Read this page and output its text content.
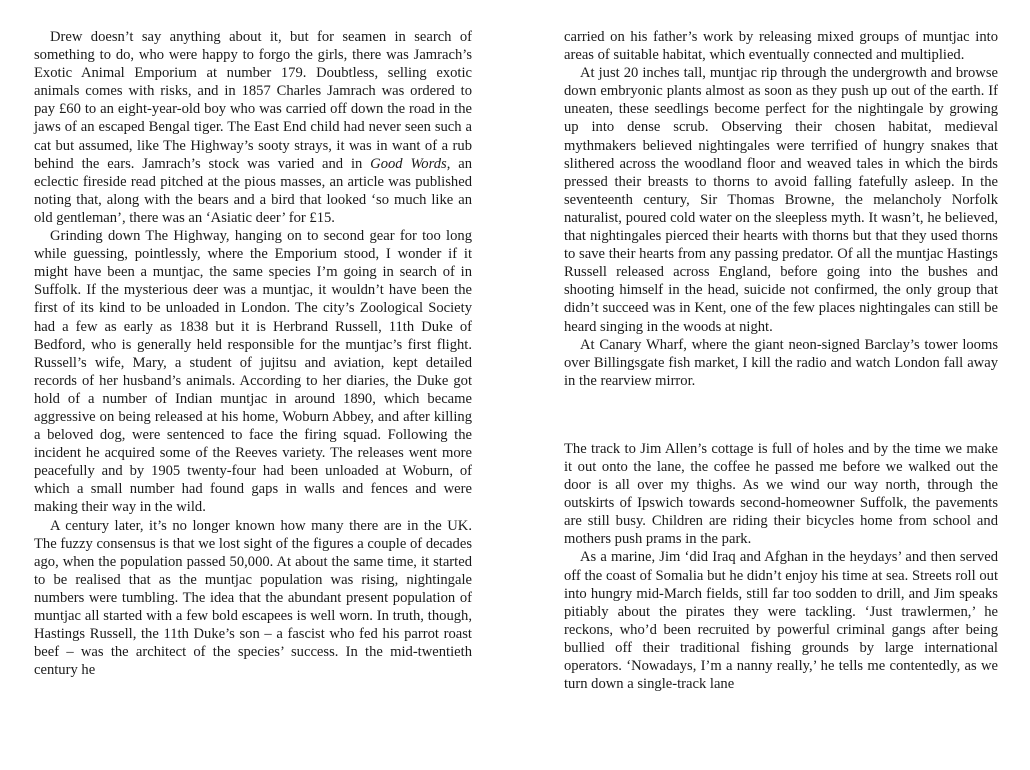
Drew doesn’t say anything about it, but for seamen in search of something to do, who were happy to forgo the girls, there was Jamrach’s Exotic Animal Emporium at number 179. Doubtless, selling exotic animals comes with risks, and in 1857 Charles Jamrach was ordered to pay £60 to an eight-year-old boy who was carried off down the road in the jaws of an escaped Bengal tiger. The East End child had never seen such a cat but assumed, like The Highway’s sooty strays, it was in want of a rub behind the ears. Jamrach’s stock was varied and in Good Words, an eclectic fireside read pitched at the pious masses, an article was published noting that, along with the bears and a bird that looked ‘so much like an old gentleman’, there was an ‘Asiatic deer’ for £15.

Grinding down The Highway, hanging on to second gear for too long while guessing, pointlessly, where the Emporium stood, I wonder if it might have been a muntjac, the same species I’m going in search of in Suffolk. If the mysterious deer was a muntjac, it wouldn’t have been the first of its kind to be unloaded in London. The city’s Zoological Society had a few as early as 1838 but it is Herbrand Russell, 11th Duke of Bedford, who is generally held responsible for the muntjac’s first flight. Russell’s wife, Mary, a student of jujitsu and aviation, kept detailed records of her husband’s animals. According to her diaries, the Duke got hold of a number of Indian muntjac in around 1890, which became aggressive on being released at his home, Woburn Abbey, and after killing a beloved dog, were sentenced to face the firing squad. Following the incident he acquired some of the Reeves variety. The releases went more peacefully and by 1905 twenty-four had been unloaded at Woburn, of which a small number had found gaps in walls and fences and were making their way in the wild.

A century later, it’s no longer known how many there are in the UK. The fuzzy consensus is that we lost sight of the figures a couple of decades ago, when the population passed 50,000. At about the same time, it started to be realised that as the muntjac population was rising, nightingale numbers were tumbling. The idea that the abundant present population of muntjac all started with a few bold escapees is well worn. In truth, though, Hastings Russell, the 11th Duke’s son – a fascist who fed his parrot roast beef – was the architect of the species’ success. In the mid-twentieth century he

carried on his father’s work by releasing mixed groups of muntjac into areas of suitable habitat, which eventually connected and multiplied.

At just 20 inches tall, muntjac rip through the undergrowth and browse down embryonic plants almost as soon as they push up out of the earth. If uneaten, these seedlings become perfect for the nightingale by growing up into dense scrub. Observing their chosen habitat, medieval mythmakers believed nightingales were terrified of hungry snakes that slithered across the woodland floor and weaved tales in which the birds pressed their breasts to thorns to avoid falling fatefully asleep. In the seventeenth century, Sir Thomas Browne, the melancholy Norfolk naturalist, poured cold water on the sleepless myth. It wasn’t, he believed, that nightingales pierced their hearts with thorns but that they used thorns to save their hearts from any passing predator. Of all the muntjac Hastings Russell released across England, before going into the bushes and shooting himself in the head, suicide not confirmed, the only group that didn’t succeed was in Kent, one of the few places nightingales can still be heard singing in the woods at night.

At Canary Wharf, where the giant neon-signed Barclay’s tower looms over Billingsgate fish market, I kill the radio and watch London fall away in the rearview mirror.

The track to Jim Allen’s cottage is full of holes and by the time we make it out onto the lane, the coffee he passed me before we walked out the door is all over my thighs. As we wind our way north, through the outskirts of Ipswich towards second-homeowner Suffolk, the pavements are still busy. Children are riding their bicycles home from school and mothers push prams in the park.

As a marine, Jim ‘did Iraq and Afghan in the heydays’ and then served off the coast of Somalia but he didn’t enjoy his time at sea. Streets roll out into hungry mid-March fields, still far too sodden to drill, and Jim speaks pitiably about the pirates they were tackling. ‘Just trawlermen,’ he reckons, who’d been recruited by powerful criminal gangs after being bullied off their traditional fishing grounds by large international operators. ‘Nowadays, I’m a nanny really,’ he tells me contentedly, as we turn down a single-track lane
